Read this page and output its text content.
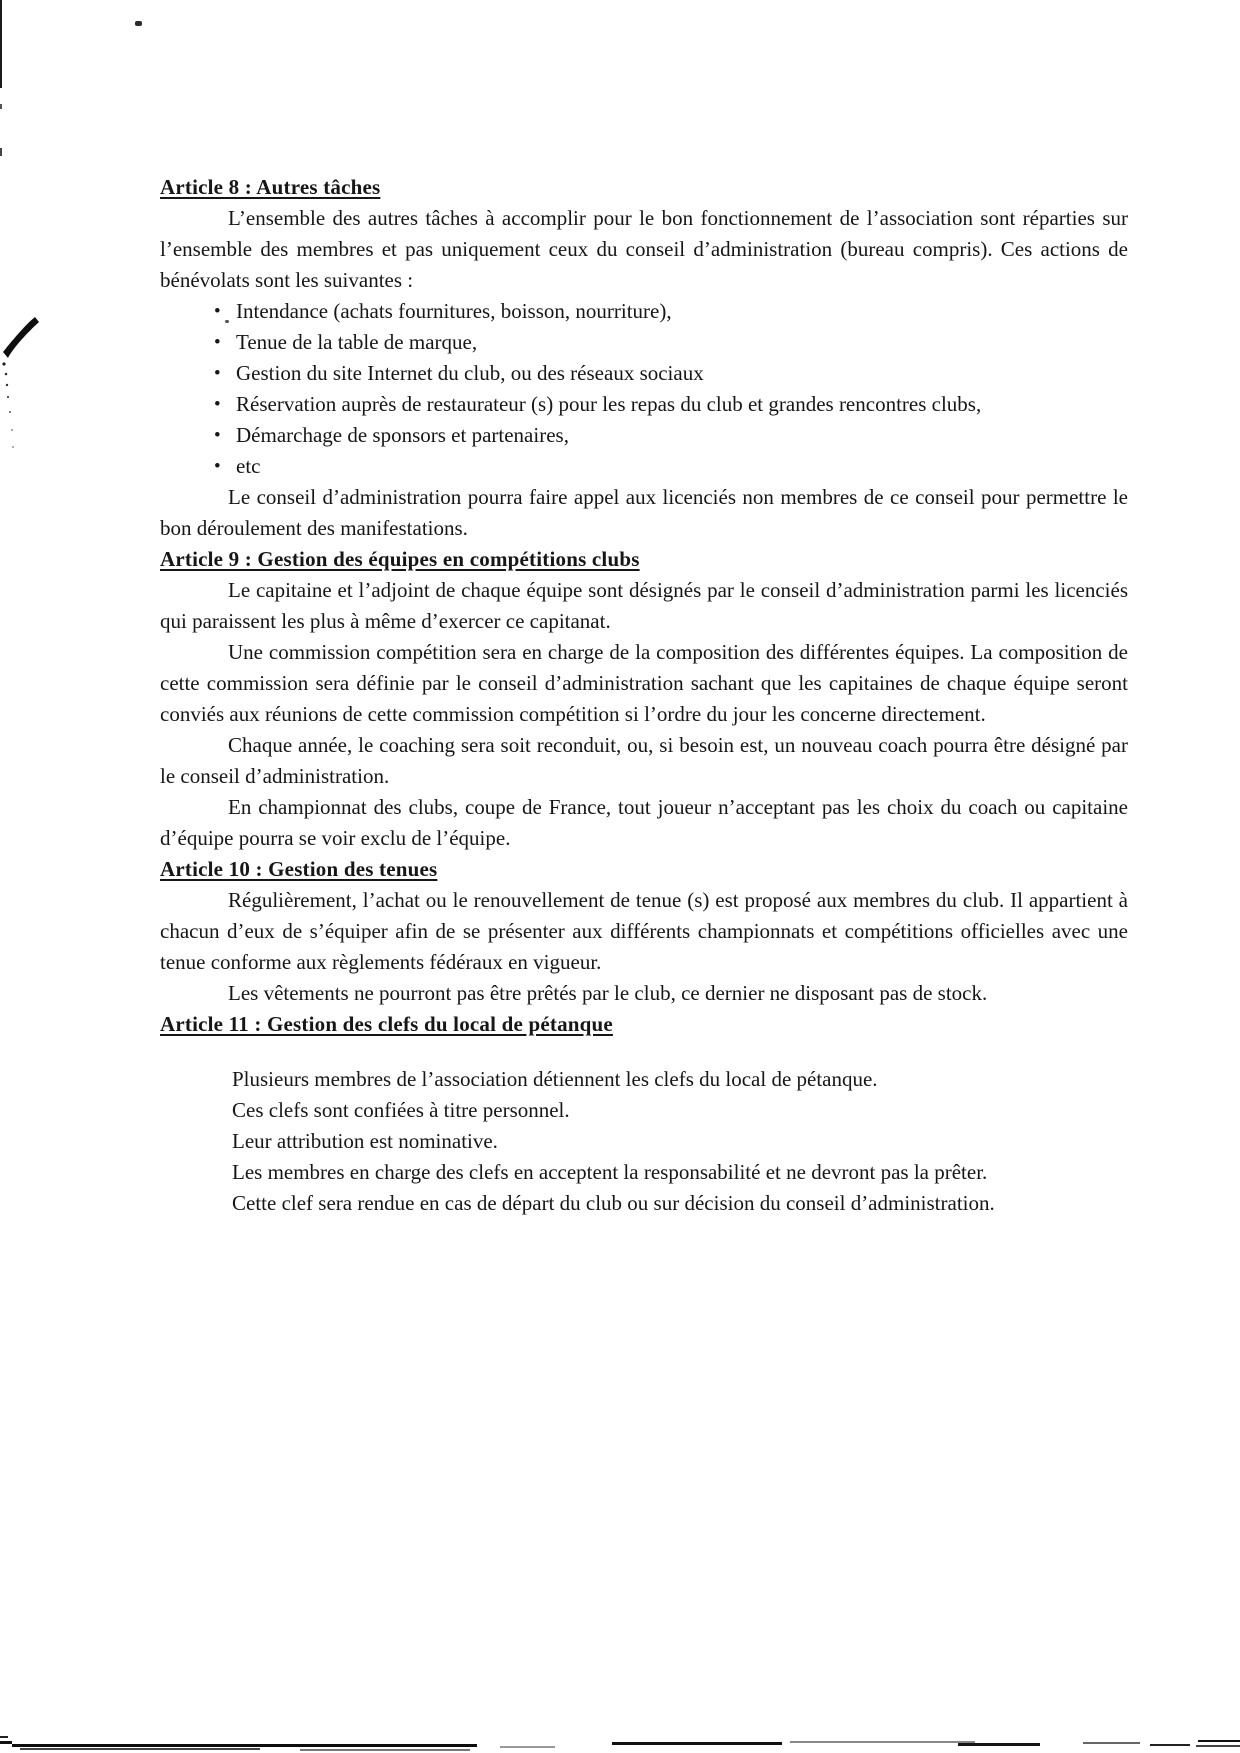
Article 8 : Autres tâches

L’ensemble des autres tâches à accomplir pour le bon fonctionnement de l’association sont réparties sur l’ensemble des membres et pas uniquement ceux du conseil d’administration (bureau compris). Ces actions de bénévolats sont les suivantes :

• Intendance (achats fournitures, boisson, nourriture),
• Tenue de la table de marque,
• Gestion du site Internet du club, ou des réseaux sociaux
• Réservation auprès de restaurateur (s) pour les repas du club et grandes rencontres clubs,
• Démarchage de sponsors et partenaires,
• etc

Le conseil d’administration pourra faire appel aux licenciés non membres de ce conseil pour permettre le bon déroulement des manifestations.

Article 9 : Gestion des équipes en compétitions clubs

Le capitaine et l’adjoint de chaque équipe sont désignés par le conseil d’administration parmi les licenciés qui paraissent les plus à même d’exercer ce capitanat.

Une commission compétition sera en charge de la composition des différentes équipes. La composition de cette commission sera définie par le conseil d’administration sachant que les capitaines de chaque équipe seront conviés aux réunions de cette commission compétition si l’ordre du jour les concerne directement.

Chaque année, le coaching sera soit reconduit, ou, si besoin est, un nouveau coach pourra être désigné par le conseil d’administration.

En championnat des clubs, coupe de France, tout joueur n’acceptant pas les choix du coach ou capitaine d’équipe pourra se voir exclu de l’équipe.

Article 10 : Gestion des tenues

Régulièrement, l’achat ou le renouvellement de tenue (s) est proposé aux membres du club. Il appartient à chacun d’eux de s’équiper afin de se présenter aux différents championnats et compétitions officielles avec une tenue conforme aux règlements fédéraux en vigueur.

Les vêtements ne pourront pas être prêtés par le club, ce dernier ne disposant pas de stock.

Article 11 : Gestion des clefs du local de pétanque

Plusieurs membres de l’association détiennent les clefs du local de pétanque.

Ces clefs sont confiées à titre personnel.

Leur attribution est nominative.

Les membres en charge des clefs en acceptent la responsabilité et ne devront pas la prêter.

Cette clef sera rendue en cas de départ du club ou sur décision du conseil d’administration.
